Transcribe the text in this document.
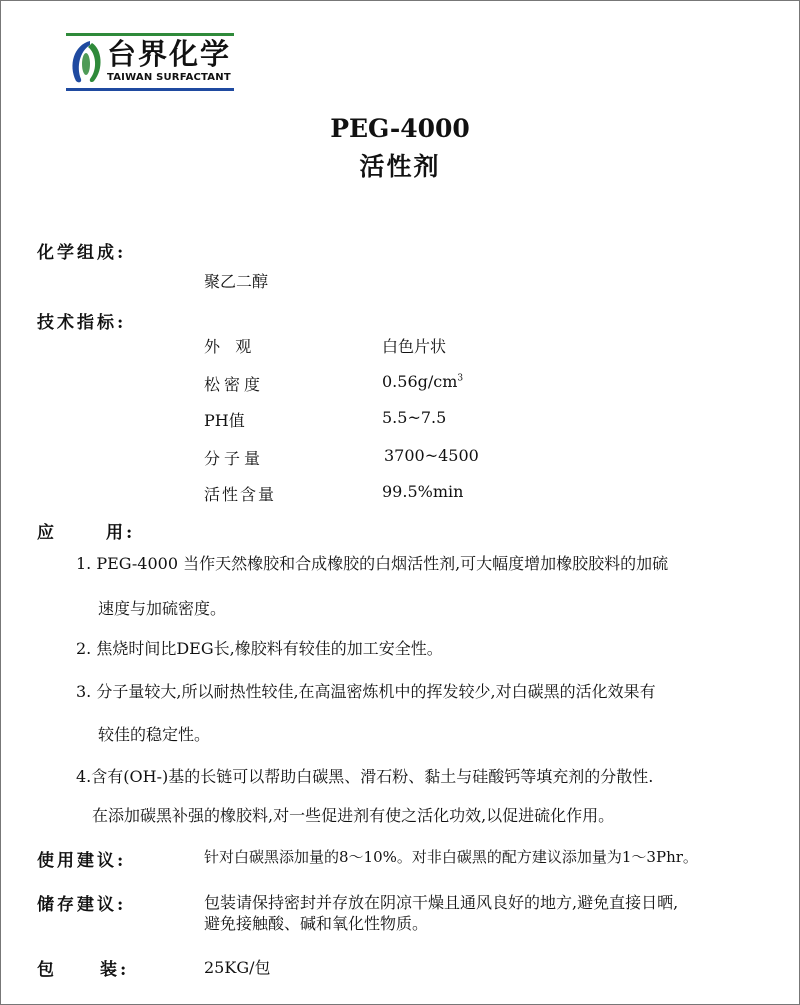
台界化学
TAIWAN SURFACTANT
PEG-4000
活性剂
化学组成:
聚乙二醇
技术指标:
外   观	白色片状
松密度	$0.56g/cm^3$
PH值	5.5~7.5
分子量	3700~4500
活性含量	99.5%min
应	用:
1. PEG-4000 当作天然橡胶和合成橡胶的白烟活性剂,可大幅度增加橡胶胶料的加硫
速度与加硫密度。
2. 焦烧时间比DEG长,橡胶料有较佳的加工安全性。
3. 分子量较大,所以耐热性较佳,在高温密炼机中的挥发较少,对白碳黑的活化效果有
较佳的稳定性。
4.含有(OH-)基的长链可以帮助白碳黑、滑石粉、黏土与硅酸钙等填充剂的分散性.
在添加碳黑补强的橡胶料,对一些促进剂有使之活化功效,以促进硫化作用。
使用建议:	针对白碳黑添加量的8～10%。对非白碳黑的配方建议添加量为1～3Phr。
储存建议:	包装请保持密封并存放在阴凉干燥且通风良好的地方,避免直接日晒,
避免接触酸、碱和氧化性物质。
包	装:	25KG/包
